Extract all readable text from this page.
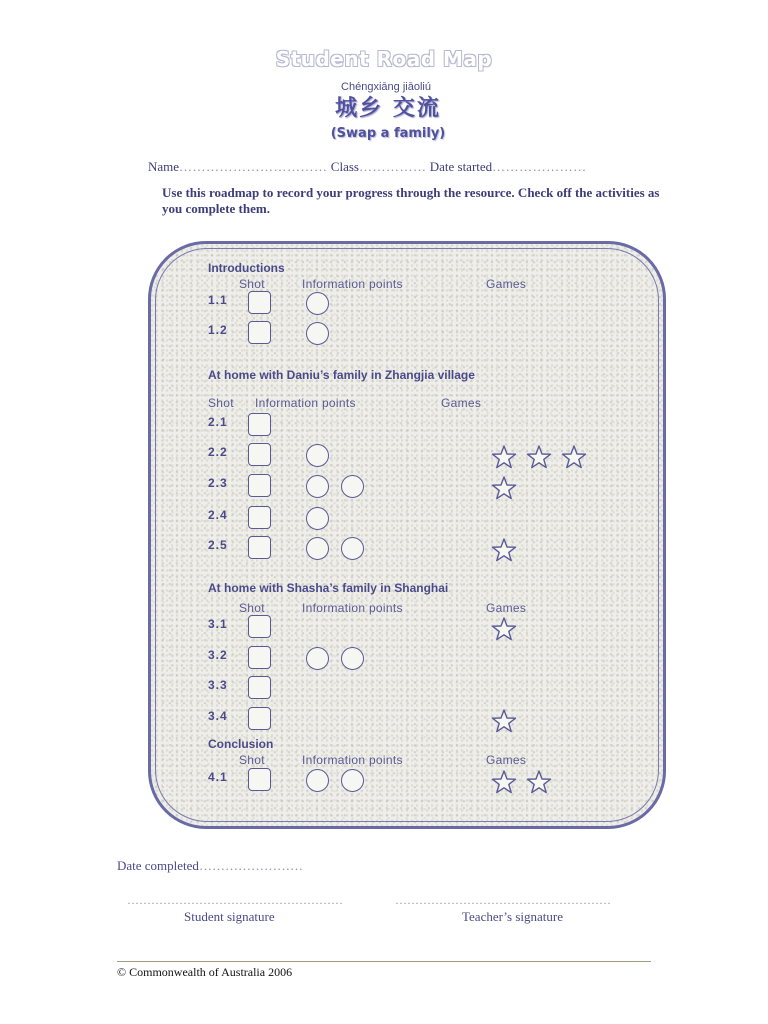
Student Road Map
Chéngxiāng jiāoliú
城乡 交流
(Swap a family)
Name…………………………… Class…………… Date started…………………
Use this roadmap to record your progress through the resource. Check off the activities as you complete them.
Introductions
Shot	Information points	Games
1.1
1.2
At home with Daniu’s family in Zhangjia village
Shot Information points	Games
2.1
2.2
2.3
2.4
2.5
At home with Shasha’s family in Shanghai
Shot	Information points	Games
3.1
3.2
3.3
3.4
Conclusion
Shot	Information points	Games
4.1
Date completed……………………
………………………………………………	………………………………………………
Student signature	Teacher’s signature
© Commonwealth of Australia 2006
